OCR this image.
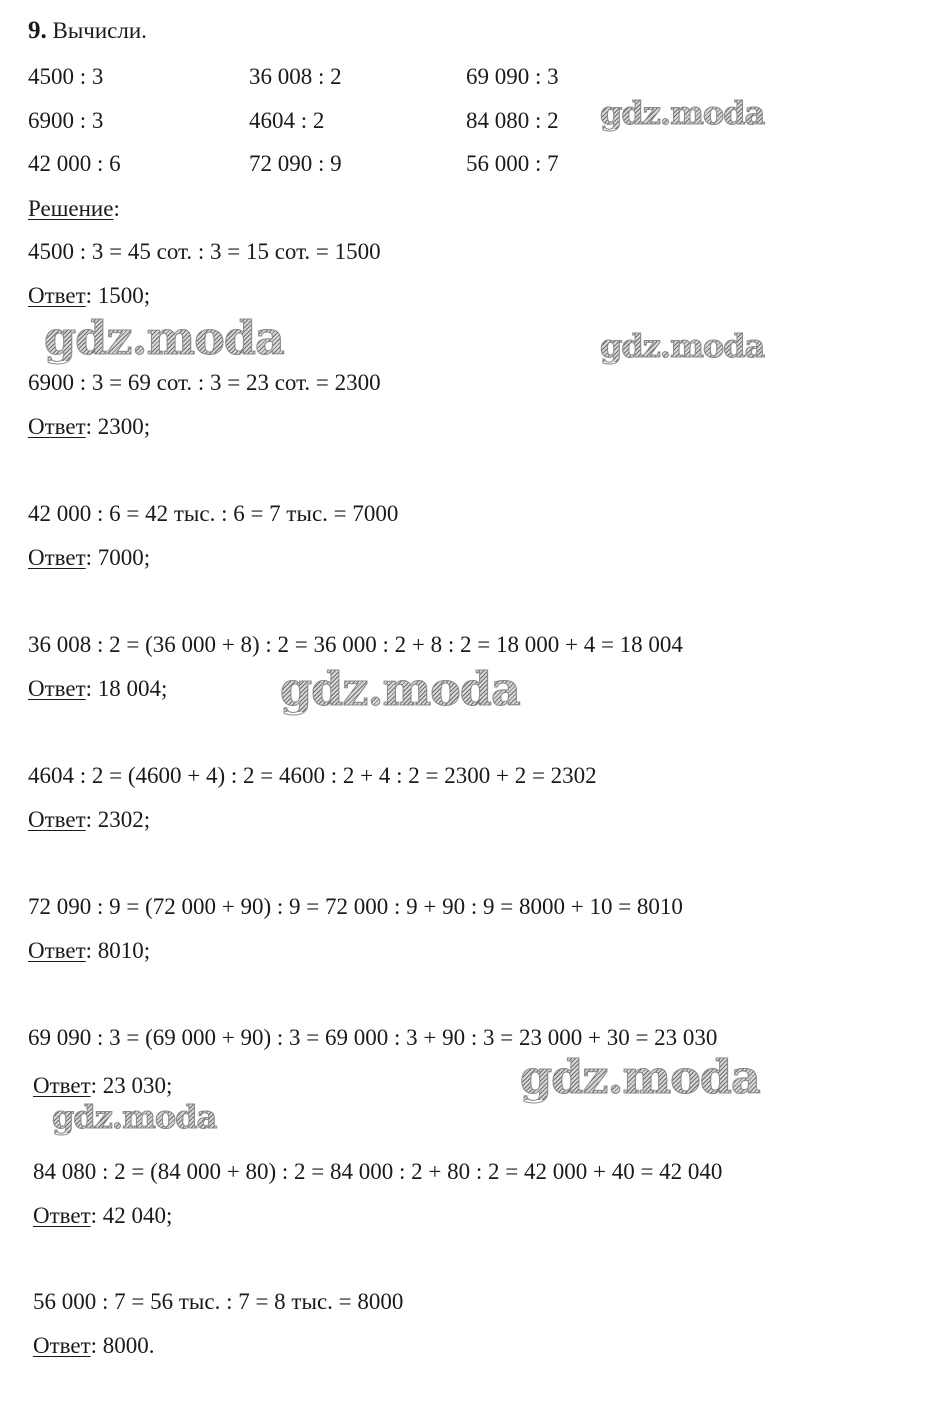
9. Вычисли.
4500 : 3	36 008 : 2	69 090 : 3
6900 : 3	4604 : 2	84 080 : 2
42 000 : 6	72 090 : 9	56 000 : 7
Решение:
4500 : 3 = 45 сот. : 3 = 15 сот. = 1500
Ответ: 1500;
6900 : 3 = 69 сот. : 3 = 23 сот. = 2300
Ответ: 2300;
42 000 : 6 = 42 тыс. : 6 = 7 тыс. = 7000
Ответ: 7000;
36 008 : 2 = (36 000 + 8) : 2 = 36 000 : 2 + 8 : 2 = 18 000 + 4 = 18 004
Ответ: 18 004;
4604 : 2 = (4600 + 4) : 2 = 4600 : 2 + 4 : 2 = 2300 + 2 = 2302
Ответ: 2302;
72 090 : 9 = (72 000 + 90) : 9 = 72 000 : 9 + 90 : 9 = 8000 + 10 = 8010
Ответ: 8010;
69 090 : 3 = (69 000 + 90) : 3 = 69 000 : 3 + 90 : 3 = 23 000 + 30 = 23 030
Ответ: 23 030;
84 080 : 2 = (84 000 + 80) : 2 = 84 000 : 2 + 80 : 2 = 42 000 + 40 = 42 040
Ответ: 42 040;
56 000 : 7 = 56 тыс. : 7 = 8 тыс. = 8000
Ответ: 8000.
gdz.moda
gdz.moda	gdz.moda
gdz.moda
gdz.moda
gdz.moda
